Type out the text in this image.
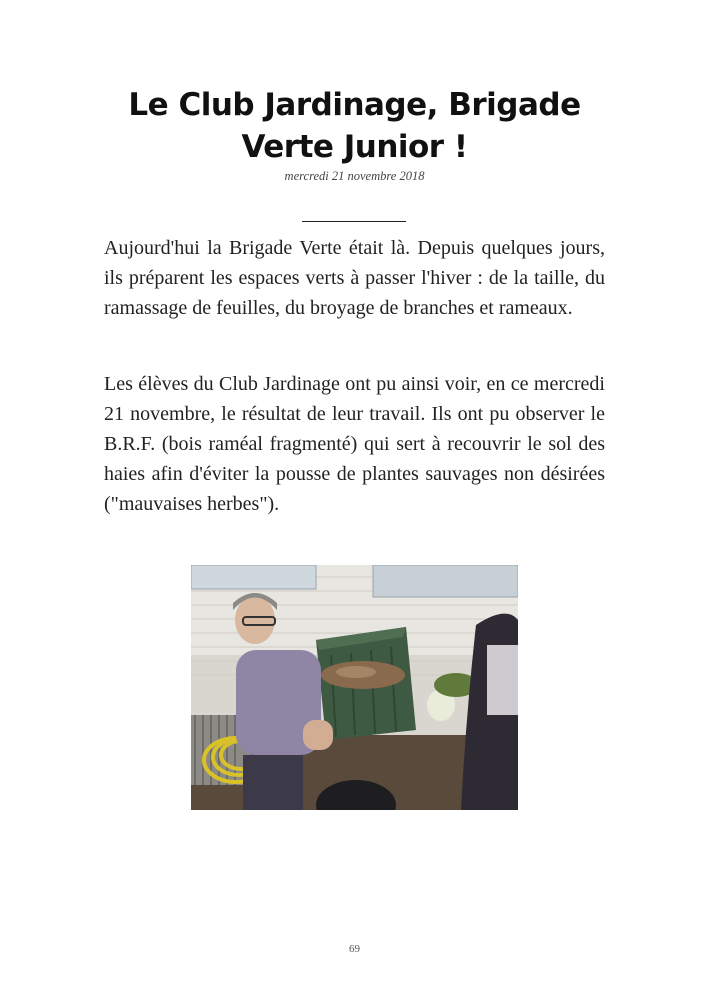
Le Club Jardinage, Brigade Verte Junior !
mercredi 21 novembre 2018

Aujourd'hui la Brigade Verte était là. Depuis quelques jours, ils préparent les espaces verts à passer l'hiver : de la taille, du ramassage de feuilles, du broyage de branches et rameaux.

Les élèves du Club Jardinage ont pu ainsi voir, en ce mercredi 21 novembre, le résultat de leur travail. Ils ont pu observer le B.R.F. (bois raméal fragmenté) qui sert à recouvrir le sol des haies afin d'éviter la pousse de plantes sauvages non désirées ("mauvaises herbes").

69
